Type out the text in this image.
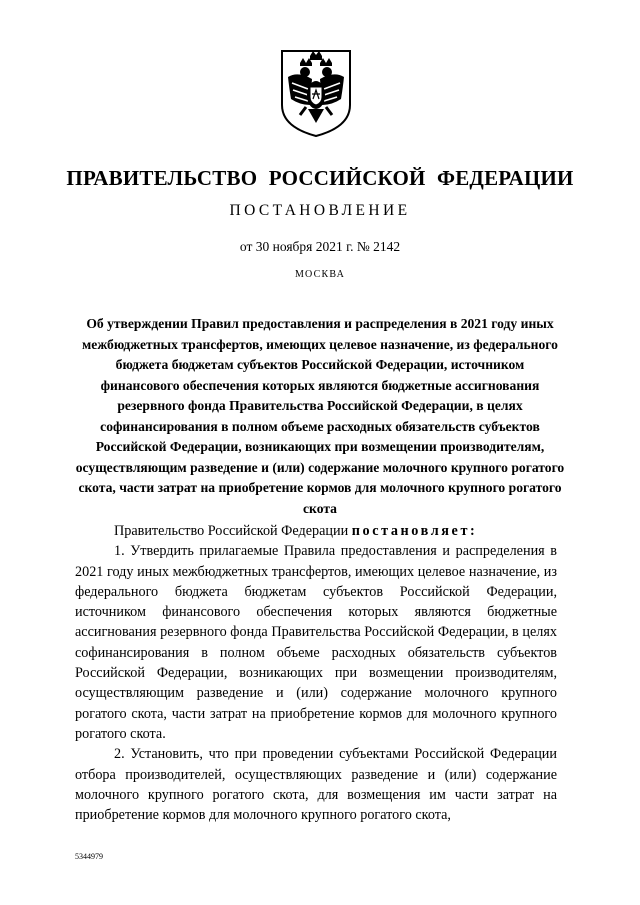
ПРАВИТЕЛЬСТВО РОССИЙСКОЙ ФЕДЕРАЦИИ
ПОСТАНОВЛЕНИЕ
от 30 ноября 2021 г. № 2142
МОСКВА
Об утверждении Правил предоставления и распределения в 2021 году иных межбюджетных трансфертов, имеющих целевое назначение, из федерального бюджета бюджетам субъектов Российской Федерации, источником финансового обеспечения которых являются бюджетные ассигнования резервного фонда Правительства Российской Федерации, в целях софинансирования в полном объеме расходных обязательств субъектов Российской Федерации, возникающих при возмещении производителям, осуществляющим разведение и (или) содержание молочного крупного рогатого скота, части затрат на приобретение кормов для молочного крупного рогатого скота

Правительство Российской Федерации постановляет:

1. Утвердить прилагаемые Правила предоставления и распределения в 2021 году иных межбюджетных трансфертов, имеющих целевое назначение, из федерального бюджета бюджетам субъектов Российской Федерации, источником финансового обеспечения которых являются бюджетные ассигнования резервного фонда Правительства Российской Федерации, в целях софинансирования в полном объеме расходных обязательств субъектов Российской Федерации, возникающих при возмещении производителям, осуществляющим разведение и (или) содержание молочного крупного рогатого скота, части затрат на приобретение кормов для молочного крупного рогатого скота.

2. Установить, что при проведении субъектами Российской Федерации отбора производителей, осуществляющих разведение и (или) содержание молочного крупного рогатого скота, для возмещения им части затрат на приобретение кормов для молочного крупного рогатого скота,

5344979
